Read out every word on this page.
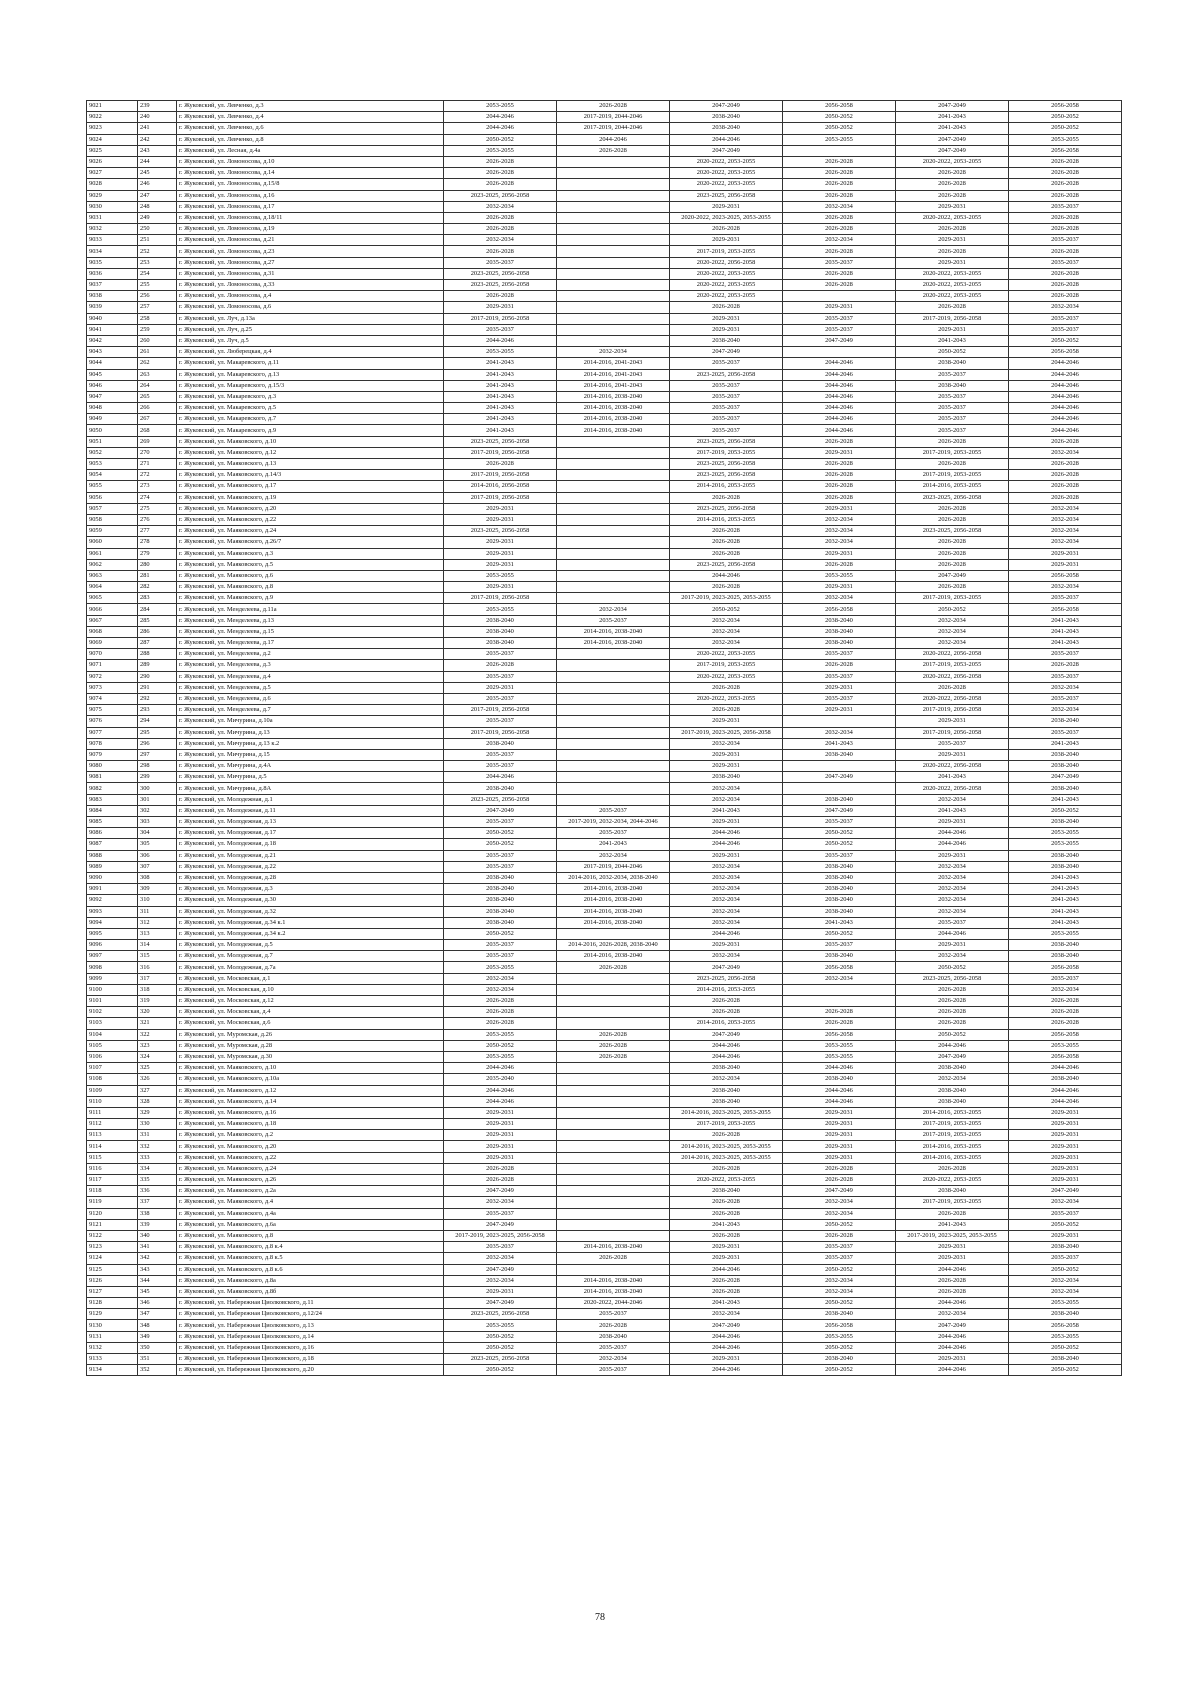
9021	239	г. Жуковский, ул. Левченко, д.3	2053-2055	2026-2028	2047-2049	2056-2058	2047-2049	2056-2058
9022	240	г. Жуковский, ул. Левченко, д.4	2044-2046	2017-2019, 2044-2046	2038-2040	2050-2052	2041-2043	2050-2052
9023	241	г. Жуковский, ул. Левченко, д.6	2044-2046	2017-2019, 2044-2046	2038-2040	2050-2052	2041-2043	2050-2052
9024	242	г. Жуковский, ул. Левченко, д.8	2050-2052	2044-2046	2044-2046	2053-2055	2047-2049	2053-2055
9025	243	г. Жуковский, ул. Лесная, д.4а	2053-2055	2026-2028	2047-2049		2047-2049	2056-2058
9026	244	г. Жуковский, ул. Ломоносова, д.10	2026-2028		2020-2022, 2053-2055	2026-2028	2020-2022, 2053-2055	2026-2028
9027	245	г. Жуковский, ул. Ломоносова, д.14	2026-2028		2020-2022, 2053-2055	2026-2028	2026-2028	2026-2028
9028	246	г. Жуковский, ул. Ломоносова, д.15/8	2026-2028		2020-2022, 2053-2055	2026-2028	2026-2028	2026-2028
9029	247	г. Жуковский, ул. Ломоносова, д.16	2023-2025, 2056-2058		2023-2025, 2056-2058	2026-2028	2026-2028	2026-2028
9030	248	г. Жуковский, ул. Ломоносова, д.17	2032-2034		2029-2031	2032-2034	2029-2031	2035-2037
9031	249	г. Жуковский, ул. Ломоносова, д.18/11	2026-2028		2020-2022, 2023-2025, 2053-2055	2026-2028	2020-2022, 2053-2055	2026-2028
9032	250	г. Жуковский, ул. Ломоносова, д.19	2026-2028		2026-2028	2026-2028	2026-2028	2026-2028
9033	251	г. Жуковский, ул. Ломоносова, д.21	2032-2034		2029-2031	2032-2034	2029-2031	2035-2037
9034	252	г. Жуковский, ул. Ломоносова, д.23	2026-2028		2017-2019, 2053-2055	2026-2028	2026-2028	2026-2028
9035	253	г. Жуковский, ул. Ломоносова, д.27	2035-2037		2020-2022, 2056-2058	2035-2037	2029-2031	2035-2037
9036	254	г. Жуковский, ул. Ломоносова, д.31	2023-2025, 2056-2058		2020-2022, 2053-2055	2026-2028	2020-2022, 2053-2055	2026-2028
9037	255	г. Жуковский, ул. Ломоносова, д.33	2023-2025, 2056-2058		2020-2022, 2053-2055	2026-2028	2020-2022, 2053-2055	2026-2028
9038	256	г. Жуковский, ул. Ломоносова, д.4	2026-2028		2020-2022, 2053-2055		2020-2022, 2053-2055	2026-2028
9039	257	г. Жуковский, ул. Ломоносова, д.6	2029-2031		2026-2028	2029-2031	2026-2028	2032-2034
9040	258	г. Жуковский, ул. Луч, д.13а	2017-2019, 2056-2058		2029-2031	2035-2037	2017-2019, 2056-2058	2035-2037
9041	259	г. Жуковский, ул. Луч, д.25	2035-2037		2029-2031	2035-2037	2029-2031	2035-2037
9042	260	г. Жуковский, ул. Луч, д.5	2044-2046		2038-2040	2047-2049	2041-2043	2050-2052
9043	261	г. Жуковский, ул. Люберецкая, д.4	2053-2055	2032-2034	2047-2049		2050-2052	2056-2058
9044	262	г. Жуковский, ул. Макаревского, д.11	2041-2043	2014-2016, 2041-2043	2035-2037	2044-2046	2038-2040	2044-2046
9045	263	г. Жуковский, ул. Макаревского, д.13	2041-2043	2014-2016, 2041-2043	2023-2025, 2056-2058	2044-2046	2035-2037	2044-2046
9046	264	г. Жуковский, ул. Макаревского, д.15/3	2041-2043	2014-2016, 2041-2043	2035-2037	2044-2046	2038-2040	2044-2046
9047	265	г. Жуковский, ул. Макаревского, д.3	2041-2043	2014-2016, 2038-2040	2035-2037	2044-2046	2035-2037	2044-2046
9048	266	г. Жуковский, ул. Макаревского, д.5	2041-2043	2014-2016, 2038-2040	2035-2037	2044-2046	2035-2037	2044-2046
9049	267	г. Жуковский, ул. Макаревского, д.7	2041-2043	2014-2016, 2038-2040	2035-2037	2044-2046	2035-2037	2044-2046
9050	268	г. Жуковский, ул. Макаревского, д.9	2041-2043	2014-2016, 2038-2040	2035-2037	2044-2046	2035-2037	2044-2046
9051	269	г. Жуковский, ул. Маяковского, д.10	2023-2025, 2056-2058		2023-2025, 2056-2058	2026-2028	2026-2028	2026-2028
9052	270	г. Жуковский, ул. Маяковского, д.12	2017-2019, 2056-2058		2017-2019, 2053-2055	2029-2031	2017-2019, 2053-2055	2032-2034
9053	271	г. Жуковский, ул. Маяковского, д.13	2026-2028		2023-2025, 2056-2058	2026-2028	2026-2028	2026-2028
9054	272	г. Жуковский, ул. Маяковского, д.14/3	2017-2019, 2056-2058		2023-2025, 2056-2058	2026-2028	2017-2019, 2053-2055	2026-2028
9055	273	г. Жуковский, ул. Маяковского, д.17	2014-2016, 2056-2058		2014-2016, 2053-2055	2026-2028	2014-2016, 2053-2055	2026-2028
9056	274	г. Жуковский, ул. Маяковского, д.19	2017-2019, 2056-2058		2026-2028	2026-2028	2023-2025, 2056-2058	2026-2028
9057	275	г. Жуковский, ул. Маяковского, д.20	2029-2031		2023-2025, 2056-2058	2029-2031	2026-2028	2032-2034
9058	276	г. Жуковский, ул. Маяковского, д.22	2029-2031		2014-2016, 2053-2055	2032-2034	2026-2028	2032-2034
9059	277	г. Жуковский, ул. Маяковского, д.24	2023-2025, 2056-2058		2026-2028	2032-2034	2023-2025, 2056-2058	2032-2034
9060	278	г. Жуковский, ул. Маяковского, д.26/7	2029-2031		2026-2028	2032-2034	2026-2028	2032-2034
9061	279	г. Жуковский, ул. Маяковского, д.3	2029-2031		2026-2028	2029-2031	2026-2028	2029-2031
9062	280	г. Жуковский, ул. Маяковского, д.5	2029-2031		2023-2025, 2056-2058	2026-2028	2026-2028	2029-2031
9063	281	г. Жуковский, ул. Маяковского, д.6	2053-2055		2044-2046	2053-2055	2047-2049	2056-2058
9064	282	г. Жуковский, ул. Маяковского, д.8	2029-2031		2026-2028	2029-2031	2026-2028	2032-2034
9065	283	г. Жуковский, ул. Маяковского, д.9	2017-2019, 2056-2058		2017-2019, 2023-2025, 2053-2055	2032-2034	2017-2019, 2053-2055	2035-2037
9066	284	г. Жуковский, ул. Менделеева, д.11а	2053-2055	2032-2034	2050-2052	2056-2058	2050-2052	2056-2058
9067	285	г. Жуковский, ул. Менделеева, д.13	2038-2040	2035-2037	2032-2034	2038-2040	2032-2034	2041-2043
9068	286	г. Жуковский, ул. Менделеева, д.15	2038-2040	2014-2016, 2038-2040	2032-2034	2038-2040	2032-2034	2041-2043
9069	287	г. Жуковский, ул. Менделеева, д.17	2038-2040	2014-2016, 2038-2040	2032-2034	2038-2040	2032-2034	2041-2043
9070	288	г. Жуковский, ул. Менделеева, д.2	2035-2037		2020-2022, 2053-2055	2035-2037	2020-2022, 2056-2058	2035-2037
9071	289	г. Жуковский, ул. Менделеева, д.3	2026-2028		2017-2019, 2053-2055	2026-2028	2017-2019, 2053-2055	2026-2028
9072	290	г. Жуковский, ул. Менделеева, д.4	2035-2037		2020-2022, 2053-2055	2035-2037	2020-2022, 2056-2058	2035-2037
9073	291	г. Жуковский, ул. Менделеева, д.5	2029-2031		2026-2028	2029-2031	2026-2028	2032-2034
9074	292	г. Жуковский, ул. Менделеева, д.6	2035-2037		2020-2022, 2053-2055	2035-2037	2020-2022, 2056-2058	2035-2037
9075	293	г. Жуковский, ул. Менделеева, д.7	2017-2019, 2056-2058		2026-2028	2029-2031	2017-2019, 2056-2058	2032-2034
9076	294	г. Жуковский, ул. Мичурина, д.10а	2035-2037		2029-2031		2029-2031	2038-2040
9077	295	г. Жуковский, ул. Мичурина, д.13	2017-2019, 2056-2058		2017-2019, 2023-2025, 2056-2058	2032-2034	2017-2019, 2056-2058	2035-2037
9078	296	г. Жуковский, ул. Мичурина, д.13 к.2	2038-2040		2032-2034	2041-2043	2035-2037	2041-2043
9079	297	г. Жуковский, ул. Мичурина, д.15	2035-2037		2029-2031	2038-2040	2029-2031	2038-2040
9080	298	г. Жуковский, ул. Мичурина, д.4А	2035-2037		2029-2031		2020-2022, 2056-2058	2038-2040
9081	299	г. Жуковский, ул. Мичурина, д.5	2044-2046		2038-2040	2047-2049	2041-2043	2047-2049
9082	300	г. Жуковский, ул. Мичурина, д.8А	2038-2040		2032-2034		2020-2022, 2056-2058	2038-2040
9083	301	г. Жуковский, ул. Молодежная, д.1	2023-2025, 2056-2058		2032-2034	2038-2040	2032-2034	2041-2043
9084	302	г. Жуковский, ул. Молодежная, д.11	2047-2049	2035-2037	2041-2043	2047-2049	2041-2043	2050-2052
9085	303	г. Жуковский, ул. Молодежная, д.13	2035-2037	2017-2019, 2032-2034, 2044-2046	2029-2031	2035-2037	2029-2031	2038-2040
9086	304	г. Жуковский, ул. Молодежная, д.17	2050-2052	2035-2037	2044-2046	2050-2052	2044-2046	2053-2055
9087	305	г. Жуковский, ул. Молодежная, д.18	2050-2052	2041-2043	2044-2046	2050-2052	2044-2046	2053-2055
9088	306	г. Жуковский, ул. Молодежная, д.21	2035-2037	2032-2034	2029-2031	2035-2037	2029-2031	2038-2040
9089	307	г. Жуковский, ул. Молодежная, д.22	2035-2037	2017-2019, 2044-2046	2032-2034	2038-2040	2032-2034	2038-2040
9090	308	г. Жуковский, ул. Молодежная, д.28	2038-2040	2014-2016, 2032-2034, 2038-2040	2032-2034	2038-2040	2032-2034	2041-2043
9091	309	г. Жуковский, ул. Молодежная, д.3	2038-2040	2014-2016, 2038-2040	2032-2034	2038-2040	2032-2034	2041-2043
9092	310	г. Жуковский, ул. Молодежная, д.30	2038-2040	2014-2016, 2038-2040	2032-2034	2038-2040	2032-2034	2041-2043
9093	311	г. Жуковский, ул. Молодежная, д.32	2038-2040	2014-2016, 2038-2040	2032-2034	2038-2040	2032-2034	2041-2043
9094	312	г. Жуковский, ул. Молодежная, д.34 к.1	2038-2040	2014-2016, 2038-2040	2032-2034	2041-2043	2035-2037	2041-2043
9095	313	г. Жуковский, ул. Молодежная, д.34 к.2	2050-2052		2044-2046	2050-2052	2044-2046	2053-2055
9096	314	г. Жуковский, ул. Молодежная, д.5	2035-2037	2014-2016, 2026-2028, 2038-2040	2029-2031	2035-2037	2029-2031	2038-2040
9097	315	г. Жуковский, ул. Молодежная, д.7	2035-2037	2014-2016, 2038-2040	2032-2034	2038-2040	2032-2034	2038-2040
9098	316	г. Жуковский, ул. Молодежная, д.7а	2053-2055	2026-2028	2047-2049	2056-2058	2050-2052	2056-2058
9099	317	г. Жуковский, ул. Московская, д.1	2032-2034		2023-2025, 2056-2058	2032-2034	2023-2025, 2056-2058	2035-2037
9100	318	г. Жуковский, ул. Московская, д.10	2032-2034		2014-2016, 2053-2055		2026-2028	2032-2034
9101	319	г. Жуковский, ул. Московская, д.12	2026-2028		2026-2028		2026-2028	2026-2028
9102	320	г. Жуковский, ул. Московская, д.4	2026-2028		2026-2028	2026-2028	2026-2028	2026-2028
9103	321	г. Жуковский, ул. Московская, д.6	2026-2028		2014-2016, 2053-2055	2026-2028	2026-2028	2026-2028
9104	322	г. Жуковский, ул. Муромская, д.26	2053-2055	2026-2028	2047-2049	2056-2058	2050-2052	2056-2058
9105	323	г. Жуковский, ул. Муромская, д.28	2050-2052	2026-2028	2044-2046	2053-2055	2044-2046	2053-2055
9106	324	г. Жуковский, ул. Муромская, д.30	2053-2055	2026-2028	2044-2046	2053-2055	2047-2049	2056-2058
9107	325	г. Жуковский, ул. Маяковского, д.10	2044-2046		2038-2040	2044-2046	2038-2040	2044-2046
9108	326	г. Жуковский, ул. Маяковского, д.10а	2035-2040		2032-2034	2038-2040	2032-2034	2038-2040
9109	327	г. Жуковский, ул. Маяковского, д.12	2044-2046		2038-2040	2044-2046	2038-2040	2044-2046
9110	328	г. Жуковский, ул. Маяковского, д.14	2044-2046		2038-2040	2044-2046	2038-2040	2044-2046
9111	329	г. Жуковский, ул. Маяковского, д.16	2029-2031		2014-2016, 2023-2025, 2053-2055	2029-2031	2014-2016, 2053-2055	2029-2031
9112	330	г. Жуковский, ул. Маяковского, д.18	2029-2031		2017-2019, 2053-2055	2029-2031	2017-2019, 2053-2055	2029-2031
9113	331	г. Жуковский, ул. Маяковского, д.2	2029-2031		2026-2028	2029-2031	2017-2019, 2053-2055	2029-2031
9114	332	г. Жуковский, ул. Маяковского, д.20	2029-2031		2014-2016, 2023-2025, 2053-2055	2029-2031	2014-2016, 2053-2055	2029-2031
9115	333	г. Жуковский, ул. Маяковского, д.22	2029-2031		2014-2016, 2023-2025, 2053-2055	2029-2031	2014-2016, 2053-2055	2029-2031
9116	334	г. Жуковский, ул. Маяковского, д.24	2026-2028		2026-2028	2026-2028	2026-2028	2029-2031
9117	335	г. Жуковский, ул. Маяковского, д.26	2026-2028		2020-2022, 2053-2055	2026-2028	2020-2022, 2053-2055	2029-2031
9118	336	г. Жуковский, ул. Маяковского, д.2а	2047-2049		2038-2040	2047-2049	2038-2040	2047-2049
9119	337	г. Жуковский, ул. Маяковского, д.4	2032-2034		2026-2028	2032-2034	2017-2019, 2053-2055	2032-2034
9120	338	г. Жуковский, ул. Маяковского, д.4а	2035-2037		2026-2028	2032-2034	2026-2028	2035-2037
9121	339	г. Жуковский, ул. Маяковского, д.6а	2047-2049		2041-2043	2050-2052	2041-2043	2050-2052
9122	340	г. Жуковский, ул. Маяковского, д.8	2017-2019, 2023-2025, 2056-2058		2026-2028	2026-2028	2017-2019, 2023-2025, 2053-2055	2029-2031
9123	341	г. Жуковский, ул. Маяковского, д.8 к.4	2035-2037	2014-2016, 2038-2040	2029-2031	2035-2037	2029-2031	2038-2040
9124	342	г. Жуковский, ул. Маяковского, д.8 к.5	2032-2034	2026-2028	2029-2031	2035-2037	2029-2031	2035-2037
9125	343	г. Жуковский, ул. Маяковского, д.8 к.6	2047-2049		2044-2046	2050-2052	2044-2046	2050-2052
9126	344	г. Жуковский, ул. Маяковского, д.8а	2032-2034	2014-2016, 2038-2040	2026-2028	2032-2034	2026-2028	2032-2034
9127	345	г. Жуковский, ул. Маяковского, д.8б	2029-2031	2014-2016, 2038-2040	2026-2028	2032-2034	2026-2028	2032-2034
9128	346	г. Жуковский, ул. Набережная Циолковского, д.11	2047-2049	2020-2022, 2044-2046	2041-2043	2050-2052	2044-2046	2053-2055
9129	347	г. Жуковский, ул. Набережная Циолковского, д.12/24	2023-2025, 2056-2058	2035-2037	2032-2034	2038-2040	2032-2034	2038-2040
9130	348	г. Жуковский, ул. Набережная Циолковского, д.13	2053-2055	2026-2028	2047-2049	2056-2058	2047-2049	2056-2058
9131	349	г. Жуковский, ул. Набережная Циолковского, д.14	2050-2052	2038-2040	2044-2046	2053-2055	2044-2046	2053-2055
9132	350	г. Жуковский, ул. Набережная Циолковского, д.16	2050-2052	2035-2037	2044-2046	2050-2052	2044-2046	2050-2052
9133	351	г. Жуковский, ул. Набережная Циолковского, д.18	2023-2025, 2056-2058	2032-2034	2029-2031	2038-2040	2029-2031	2038-2040
9134	352	г. Жуковский, ул. Набережная Циолковского, д.20	2050-2052	2035-2037	2044-2046	2050-2052	2044-2046	2050-2052
78
